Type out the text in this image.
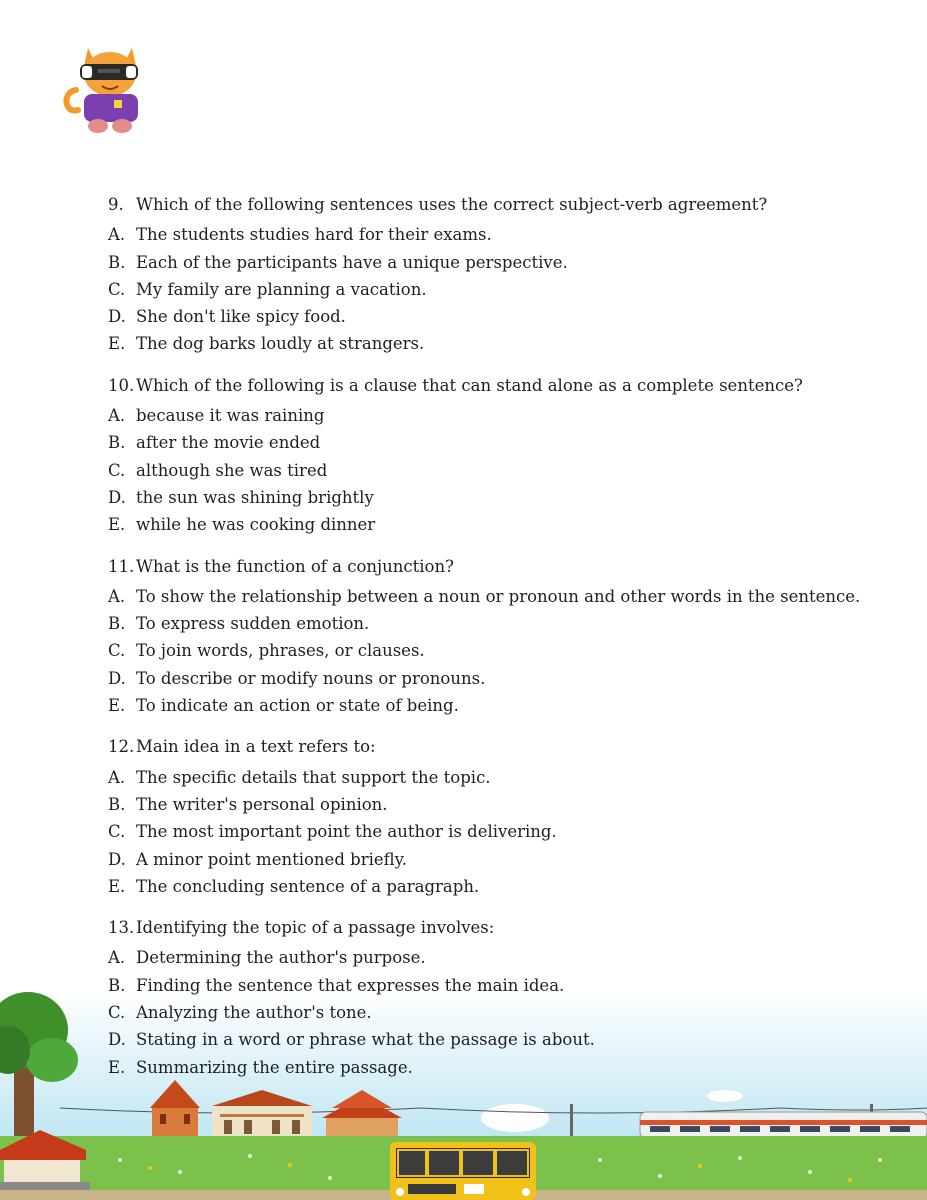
9. Which of the following sentences uses the correct subject-verb agreement?
A. The students studies hard for their exams.
B. Each of the participants have a unique perspective.
C. My family are planning a vacation.
D. She don't like spicy food.
E. The dog barks loudly at strangers.
10. Which of the following is a clause that can stand alone as a complete sentence?
A. because it was raining
B. after the movie ended
C. although she was tired
D. the sun was shining brightly
E. while he was cooking dinner
11. What is the function of a conjunction?
A. To show the relationship between a noun or pronoun and other words in the sentence.
B. To express sudden emotion.
C. To join words, phrases, or clauses.
D. To describe or modify nouns or pronouns.
E. To indicate an action or state of being.
12. Main idea in a text refers to:
A. The specific details that support the topic.
B. The writer's personal opinion.
C. The most important point the author is delivering.
D. A minor point mentioned briefly.
E. The concluding sentence of a paragraph.
13. Identifying the topic of a passage involves:
A. Determining the author's purpose.
B. Finding the sentence that expresses the main idea.
C. Analyzing the author's tone.
D. Stating in a word or phrase what the passage is about.
E. Summarizing the entire passage.
